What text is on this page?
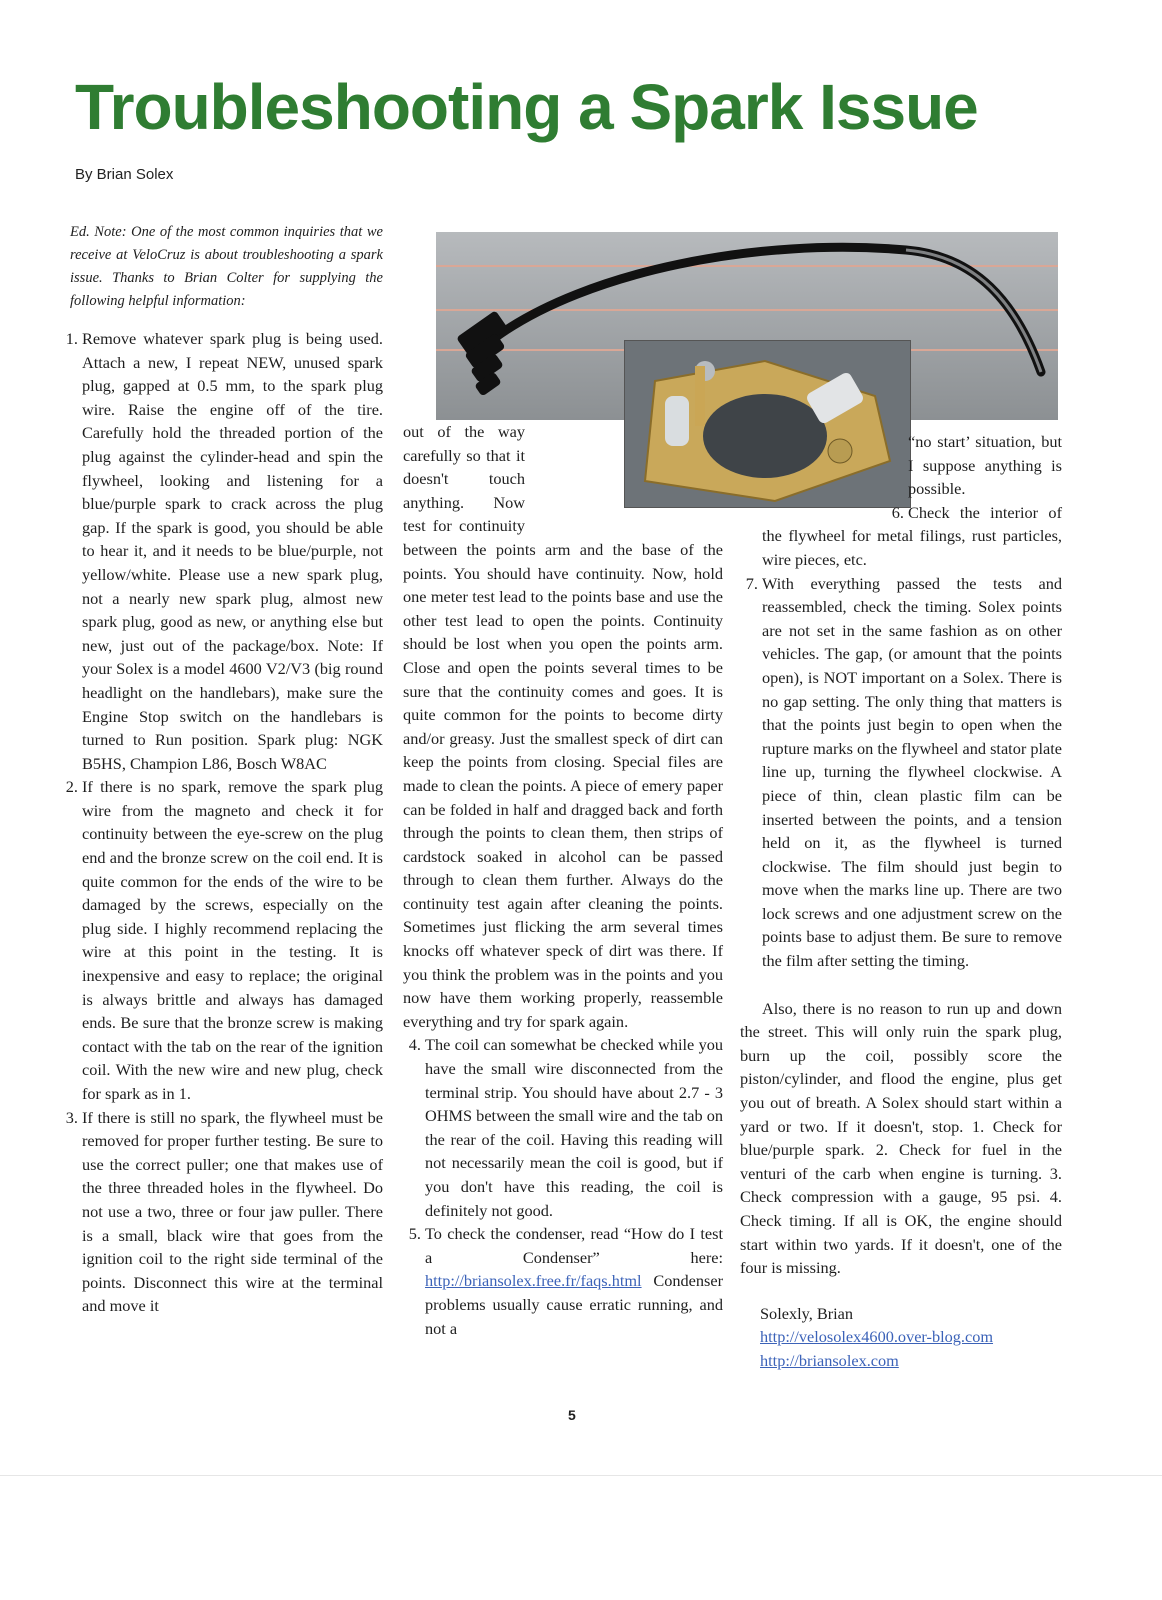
Troubleshooting a Spark Issue
By Brian Solex
Ed. Note: One of the most common inquiries that we receive at VeloCruz is about troubleshooting a spark issue. Thanks to Brian Colter for supplying the following helpful information:
1. Remove whatever spark plug is being used. Attach a new, I repeat NEW, unused spark plug, gapped at 0.5 mm, to the spark plug wire. Raise the engine off of the tire. Carefully hold the threaded portion of the plug against the cylinder-head and spin the flywheel, looking and listening for a blue/purple spark to crack across the plug gap. If the spark is good, you should be able to hear it, and it needs to be blue/purple, not yellow/white. Please use a new spark plug, not a nearly new spark plug, almost new spark plug, good as new, or anything else but new, just out of the package/box. Note: If your Solex is a model 4600 V2/V3 (big round headlight on the handlebars), make sure the Engine Stop switch on the handlebars is turned to Run position. Spark plug: NGK B5HS, Champion L86, Bosch W8AC
2. If there is no spark, remove the spark plug wire from the magneto and check it for continuity between the eye-screw on the plug end and the bronze screw on the coil end. It is quite common for the ends of the wire to be damaged by the screws, especially on the plug side. I highly recommend replacing the wire at this point in the testing. It is inexpensive and easy to replace; the original is always brittle and always has damaged ends. Be sure that the bronze screw is making contact with the tab on the rear of the ignition coil. With the new wire and new plug, check for spark as in 1.
3. If there is still no spark, the flywheel must be removed for proper further testing. Be sure to use the correct puller; one that makes use of the three threaded holes in the flywheel. Do not use a two, three or four jaw puller. There is a small, black wire that goes from the ignition coil to the right side terminal of the points. Disconnect this wire at the terminal and move it

out of the way carefully so that it doesn't touch anything. Now test for continuity between the points arm and the base of the points. You should have continuity. Now, hold one meter test lead to the points base and use the other test lead to open the points. Continuity should be lost when you open the points arm. Close and open the points several times to be sure that the continuity comes and goes. It is quite common for the points to become dirty and/or greasy. Just the smallest speck of dirt can keep the points from closing. Special files are made to clean the points. A piece of emery paper can be folded in half and dragged back and forth through the points to clean them, then strips of cardstock soaked in alcohol can be passed through to clean them further. Always do the continuity test again after cleaning the points. Sometimes just flicking the arm several times knocks off whatever speck of dirt was there. If you think the problem was in the points and you now have them working properly, reassemble everything and try for spark again.

4. The coil can somewhat be checked while you have the small wire disconnected from the terminal strip. You should have about 2.7 - 3 OHMS between the small wire and the tab on the rear of the coil. Having this reading will not necessarily mean the coil is good, but if you don't have this reading, the coil is definitely not good.
5. To check the condenser, read “How do I test a Condenser” here: http://briansolex.free.fr/faqs.html Condenser problems usually cause erratic running, and not a

“no start’ situation, but I suppose anything is possible.

6. Check the interior of the flywheel for metal filings, rust particles, wire pieces, etc.
7. With everything passed the tests and reassembled, check the timing. Solex points are not set in the same fashion as on other vehicles. The gap, (or amount that the points open), is NOT important on a Solex. There is no gap setting. The only thing that matters is that the points just begin to open when the rupture marks on the flywheel and stator plate line up, turning the flywheel clockwise. A piece of thin, clean plastic film can be inserted between the points, and a tension held on it, as the flywheel is turned clockwise. The film should just begin to move when the marks line up. There are two lock screws and one adjustment screw on the points base to adjust them. Be sure to remove the film after setting the timing.

Also, there is no reason to run up and down the street. This will only ruin the spark plug, burn up the coil, possibly score the piston/cylinder, and flood the engine, plus get you out of breath. A Solex should start within a yard or two. If it doesn't, stop. 1. Check for blue/purple spark. 2. Check for fuel in the venturi of the carb when engine is turning. 3. Check compression with a gauge, 95 psi. 4. Check timing. If all is OK, the engine should start within two yards. If it doesn't, one of the four is missing.

Solexly, Brian
http://velosolex4600.over-blog.com
http://briansolex.com
5
